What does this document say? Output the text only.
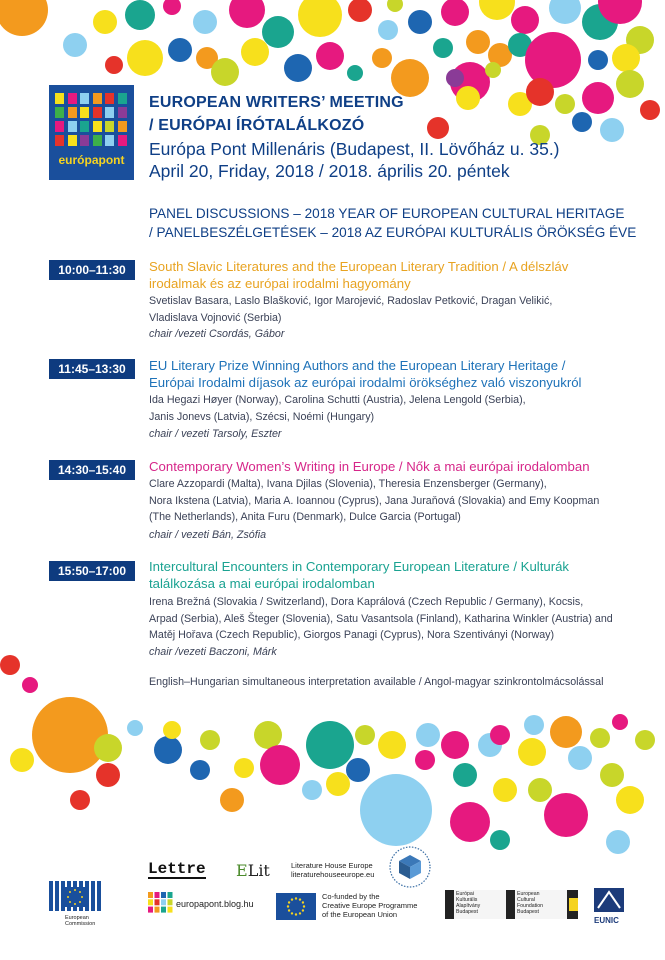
európapont
EUROPEAN WRITERS’ MEETING
/ EURÓPAI ÍRÓTALÁLKOZÓ
Európa Pont Millenáris (Budapest, II. Lövőház u. 35.)
April 20, Friday, 2018 / 2018. április 20. péntek
PANEL DISCUSSIONS – 2018 YEAR OF EUROPEAN CULTURAL HERITAGE
/ PANELBESZÉLGETÉSEK – 2018 AZ EURÓPAI KULTURÁLIS ÖRÖKSÉG ÉVE
10:00–11:30	South Slavic Literatures and the European Literary Tradition / A délszláv
irodalmak és az európai irodalmi hagyomány
Svetislav Basara, Laslo Blašković, Igor Marojević, Radoslav Petković, Dragan Velikić,
Vladislava Vojnović (Serbia)
chair /vezeti Csordás, Gábor
11:45–13:30	EU Literary Prize Winning Authors and the European Literary Heritage /
Európai Irodalmi díjasok az európai irodalmi örökséghez való viszonyukról
Ida Hegazi Høyer (Norway), Carolina Schutti (Austria), Jelena Lengold (Serbia),
Janis Jonevs (Latvia), Szécsi, Noémi (Hungary)
chair / vezeti Tarsoly, Eszter
14:30–15:40	Contemporary Women’s Writing in Europe / Nők a mai európai irodalomban
Clare Azzopardi (Malta), Ivana Djilas (Slovenia), Theresia Enzensberger (Germany),
Nora Ikstena (Latvia), Maria A. Ioannou (Cyprus), Jana Juraňová (Slovakia) and Emy Koopman
(The Netherlands), Anita Furu (Denmark), Dulce Garcia (Portugal)
chair / vezeti Bán, Zsófia
15:50–17:00	Intercultural Encounters in Contemporary European Literature / Kulturák
találkozása a mai európai irodalomban
Irena Brežná (Slovakia / Switzerland), Dora Kaprálová (Czech Republic / Germany), Kocsis,
Arpad (Serbia), Aleš Šteger (Slovenia), Satu Vasantsola (Finland), Katharina Winkler (Austria) and
Matěj Hořava (Czech Republic), Giorgos Panagi (Cyprus), Nora Szentiványi (Norway)
chair /vezeti Baczoni, Márk
English–Hungarian simultaneous interpretation available / Angol-magyar szinkrontolmácsolással
Lettre ELit	Literature House Europe
literaturehouseeurope.eu
European
Commission
europapont.blog.hu
Co-funded by the
Creative Europe Programme
of the European Union
Európai
Kulturális
Alapítvány
Budapest
European
Cultural
Foundation
Budapest
EUNIC
